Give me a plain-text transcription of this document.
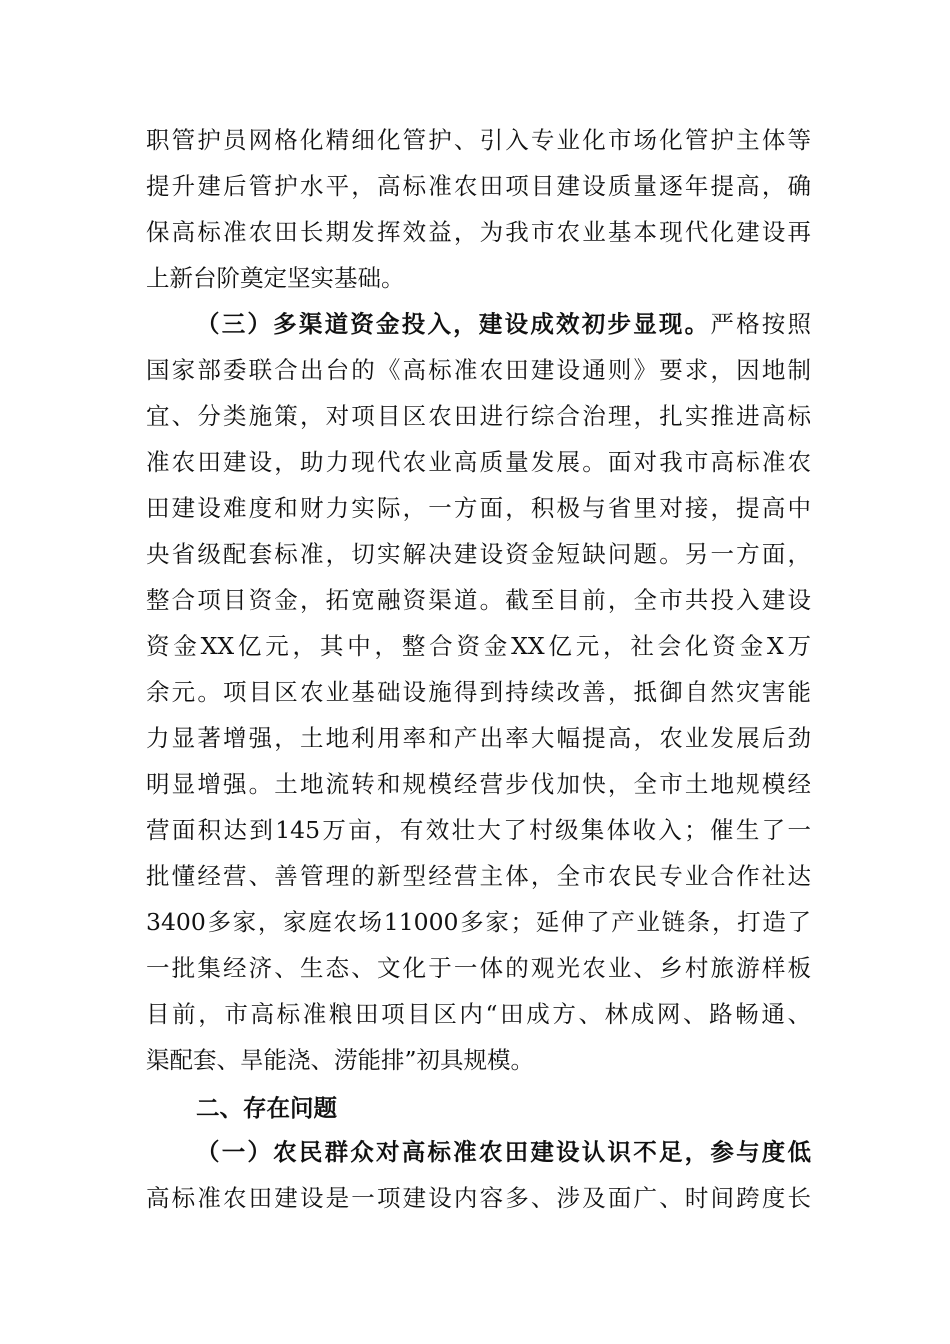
职管护员网格化精细化管护、引入专业化市场化管护主体等
提升建后管护水平，高标准农田项目建设质量逐年提高，确
保高标准农田长期发挥效益，为我市农业基本现代化建设再
上新台阶奠定坚实基础。
（三）多渠道资金投入，建设成效初步显现。严格按照
国家部委联合出台的《高标准农田建设通则》要求，因地制
宜、分类施策，对项目区农田进行综合治理，扎实推进高标
准农田建设，助力现代农业高质量发展。面对我市高标准农
田建设难度和财力实际，一方面，积极与省里对接，提高中
央省级配套标准，切实解决建设资金短缺问题。另一方面，
整合项目资金，拓宽融资渠道。截至目前，全市共投入建设
资金XX亿元，其中，整合资金XX亿元，社会化资金X万
余元。项目区农业基础设施得到持续改善，抵御自然灾害能
力显著增强，土地利用率和产出率大幅提高，农业发展后劲
明显增强。土地流转和规模经营步伐加快，全市土地规模经
营面积达到145万亩，有效壮大了村级集体收入；催生了一
批懂经营、善管理的新型经营主体，全市农民专业合作社达
3400多家，家庭农场11000多家；延伸了产业链条，打造了
一批集经济、生态、文化于一体的观光农业、乡村旅游样板
目前，市高标准粮田项目区内“田成方、林成网、路畅通、
渠配套、旱能浇、涝能排”初具规模。
二、存在问题
（一）农民群众对高标准农田建设认识不足，参与度低
高标准农田建设是一项建设内容多、涉及面广、时间跨度长
